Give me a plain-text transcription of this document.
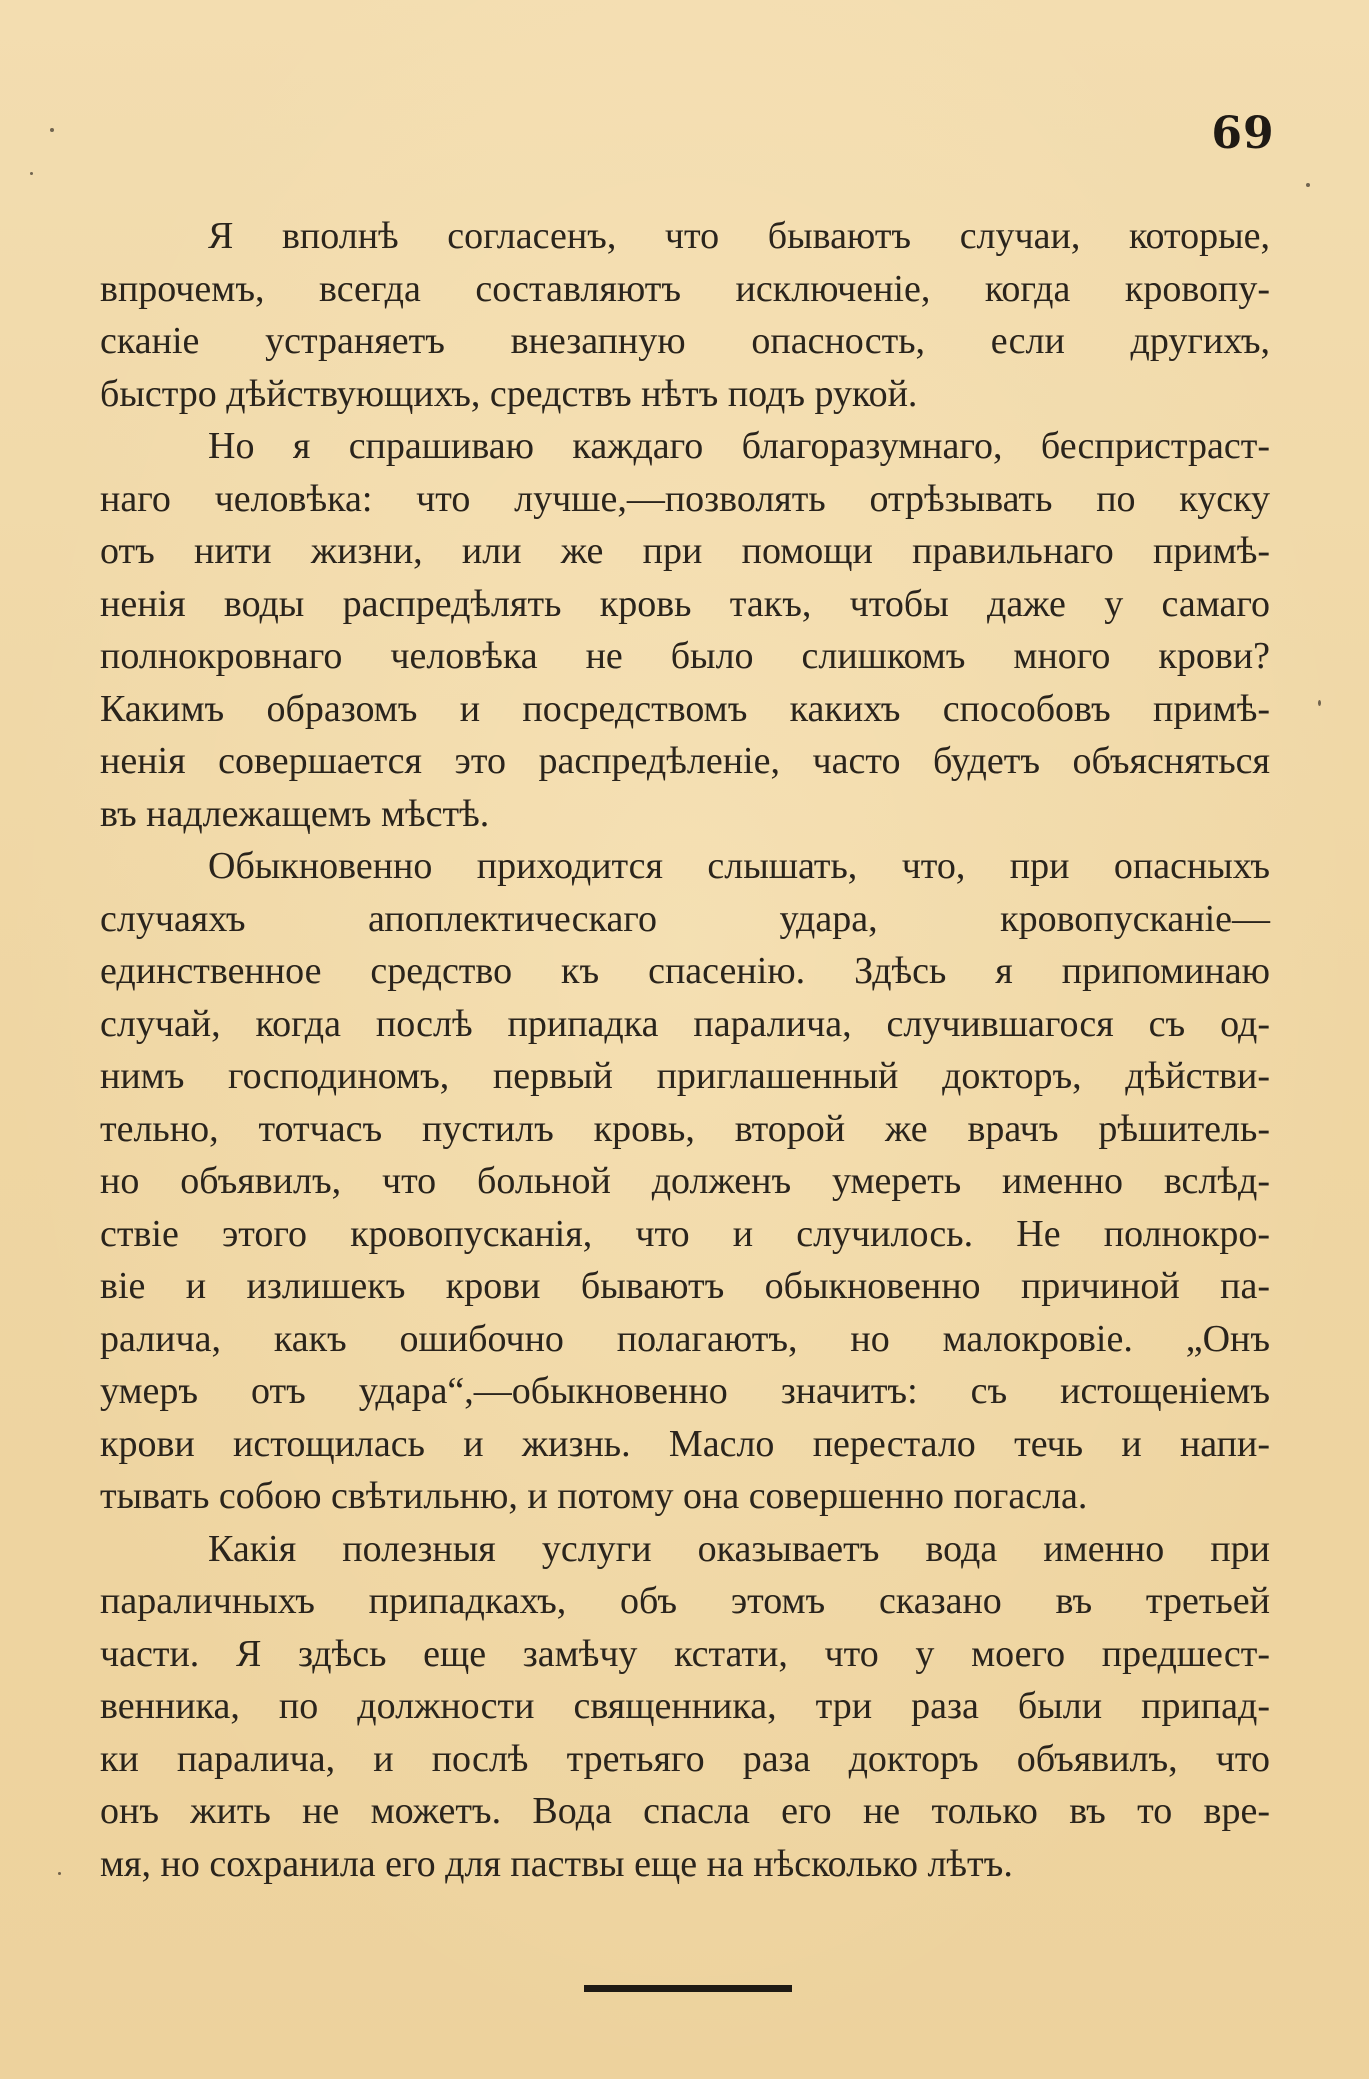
69
Я вполнѣ согласенъ, что бываютъ случаи, которые,
впрочемъ, всегда составляютъ исключеніе, когда кровопу-
сканіе устраняетъ внезапную опасность, если другихъ,
быстро дѣйствующихъ, средствъ нѣтъ подъ рукой.
Но я спрашиваю каждаго благоразумнаго, беспристраст-
наго человѣка: что лучше,—позволять отрѣзывать по куску
отъ нити жизни, или же при помощи правильнаго примѣ-
ненія воды распредѣлять кровь такъ, чтобы даже у самаго
полнокровнаго человѣка не было слишкомъ много крови?
Какимъ образомъ и посредствомъ какихъ способовъ примѣ-
ненія совершается это распредѣленіе, часто будетъ объясняться
въ надлежащемъ мѣстѣ.
Обыкновенно приходится слышать, что, при опасныхъ
случаяхъ апоплектическаго удара, кровопусканіе—
единственное средство къ спасенію. Здѣсь я припоминаю
случай, когда послѣ припадка паралича, случившагося съ од-
нимъ господиномъ, первый приглашенный докторъ, дѣйстви-
тельно, тотчасъ пустилъ кровь, второй же врачъ рѣшитель-
но объявилъ, что больной долженъ умереть именно вслѣд-
ствіе этого кровопусканія, что и случилось. Не полнокро-
віе и излишекъ крови бываютъ обыкновенно причиной па-
ралича, какъ ошибочно полагаютъ, но малокровіе. „Онъ
умеръ отъ удара“,—обыкновенно значитъ: съ истощеніемъ
крови истощилась и жизнь. Масло перестало течь и напи-
тывать собою свѣтильню, и потому она совершенно погасла.
Какія полезныя услуги оказываетъ вода именно при
параличныхъ припадкахъ, объ этомъ сказано въ третьей
части. Я здѣсь еще замѣчу кстати, что у моего предшест-
венника, по должности священника, три раза были припад-
ки паралича, и послѣ третьяго раза докторъ объявилъ, что
онъ жить не можетъ. Вода спасла его не только въ то вре-
мя, но сохранила его для паствы еще на нѣсколько лѣтъ.
